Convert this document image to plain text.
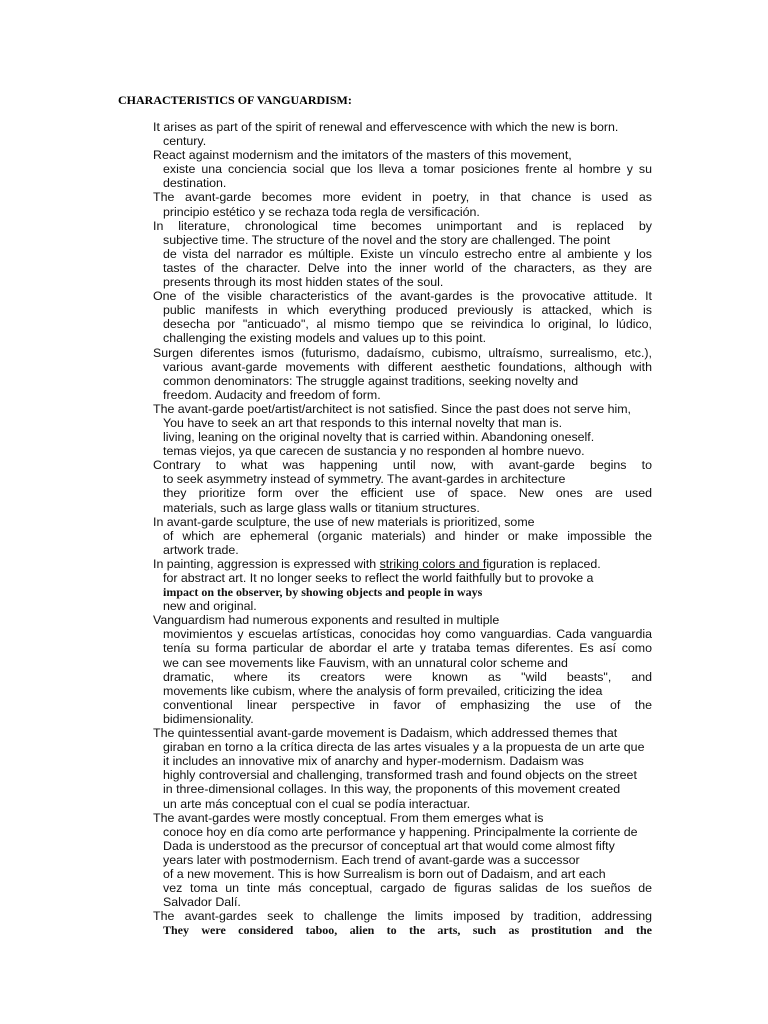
CHARACTERISTICS OF VANGUARDISM:
It arises as part of the spirit of renewal and effervescence with which the new is born.
century.
React against modernism and the imitators of the masters of this movement,
existe una conciencia social que los lleva a tomar posiciones frente al hombre y su
destination.
The avant-garde becomes more evident in poetry, in that chance is used as
principio estético y se rechaza toda regla de versificación.
In literature, chronological time becomes unimportant and is replaced by
subjective time. The structure of the novel and the story are challenged. The point
de vista del narrador es múltiple. Existe un vínculo estrecho entre al ambiente y los
tastes of the character. Delve into the inner world of the characters, as they are
presents through its most hidden states of the soul.
One of the visible characteristics of the avant-gardes is the provocative attitude. It
public manifests in which everything produced previously is attacked, which is
desecha por "anticuado", al mismo tiempo que se reivindica lo original, lo lúdico,
challenging the existing models and values up to this point.
Surgen diferentes ismos (futurismo, dadaísmo, cubismo, ultraísmo, surrealismo, etc.),
various avant-garde movements with different aesthetic foundations, although with
common denominators: The struggle against traditions, seeking novelty and
freedom. Audacity and freedom of form.
The avant-garde poet/artist/architect is not satisfied. Since the past does not serve him,
You have to seek an art that responds to this internal novelty that man is.
living, leaning on the original novelty that is carried within. Abandoning oneself.
temas viejos, ya que carecen de sustancia y no responden al hombre nuevo.
Contrary to what was happening until now, with avant-garde begins to
to seek asymmetry instead of symmetry. The avant-gardes in architecture
they prioritize form over the efficient use of space. New ones are used
materials, such as large glass walls or titanium structures.
In avant-garde sculpture, the use of new materials is prioritized, some
of which are ephemeral (organic materials) and hinder or make impossible the
artwork trade.
In painting, aggression is expressed with striking colors and figuration is replaced.
for abstract art. It no longer seeks to reflect the world faithfully but to provoke a
impact on the observer, by showing objects and people in ways
new and original.
Vanguardism had numerous exponents and resulted in multiple
movimientos y escuelas artísticas, conocidas hoy como vanguardias. Cada vanguardia
tenía su forma particular de abordar el arte y trataba temas diferentes. Es así como
we can see movements like Fauvism, with an unnatural color scheme and
dramatic, where its creators were known as "wild beasts", and
movements like cubism, where the analysis of form prevailed, criticizing the idea
conventional linear perspective in favor of emphasizing the use of the
bidimensionality.
The quintessential avant-garde movement is Dadaism, which addressed themes that
giraban en torno a la crítica directa de las artes visuales y a la propuesta de un arte que
it includes an innovative mix of anarchy and hyper-modernism. Dadaism was
highly controversial and challenging, transformed trash and found objects on the street
in three-dimensional collages. In this way, the proponents of this movement created
un arte más conceptual con el cual se podía interactuar.
The avant-gardes were mostly conceptual. From them emerges what is
conoce hoy en día como arte performance y happening. Principalmente la corriente de
Dada is understood as the precursor of conceptual art that would come almost fifty
years later with postmodernism. Each trend of avant-garde was a successor
of a new movement. This is how Surrealism is born out of Dadaism, and art each
vez toma un tinte más conceptual, cargado de figuras salidas de los sueños de
Salvador Dalí.
The avant-gardes seek to challenge the limits imposed by tradition, addressing
They were considered taboo, alien to the arts, such as prostitution and the
